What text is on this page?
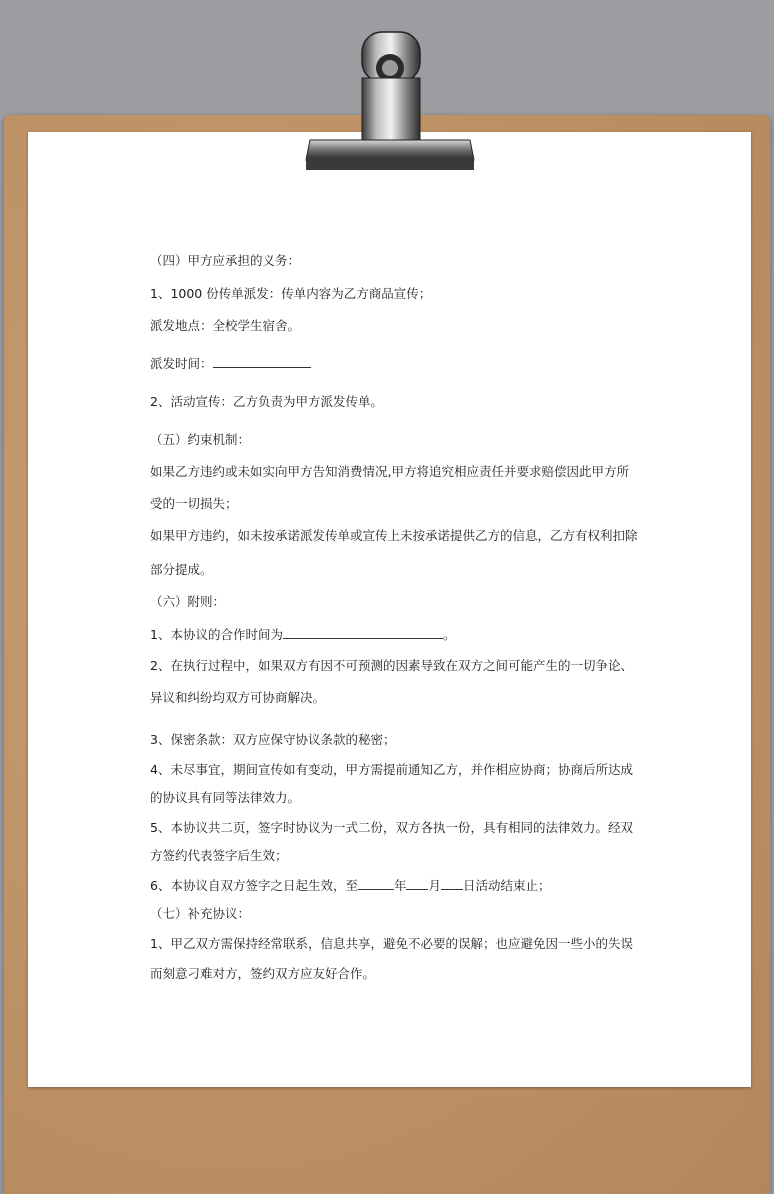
（四）甲方应承担的义务：
1、1000 份传单派发：传单内容为乙方商品宣传；
派发地点：全校学生宿舍。
派发时间：
2、活动宣传：乙方负责为甲方派发传单。
（五）约束机制：
如果乙方违约或未如实向甲方告知消费情况,甲方将追究相应责任并要求赔偿因此甲方所
受的一切损失；
如果甲方违约，如未按承诺派发传单或宣传上未按承诺提供乙方的信息，乙方有权利扣除
部分提成。
（六）附则：
1、本协议的合作时间为	。
2、在执行过程中，如果双方有因不可预测的因素导致在双方之间可能产生的一切争论、
异议和纠纷均双方可协商解决。
3、保密条款：双方应保守协议条款的秘密；
4、未尽事宜，期间宣传如有变动，甲方需提前通知乙方，并作相应协商；协商后所达成
的协议具有同等法律效力。
5、本协议共二页，签字时协议为一式二份，双方各执一份，具有相同的法律效力。经双
方签约代表签字后生效；
6、本协议自双方签字之日起生效，至	年 月 日活动结束止；
（七）补充协议：
1、甲乙双方需保持经常联系，信息共享，避免不必要的误解；也应避免因一些小的失误
而刻意刁难对方，签约双方应友好合作。
